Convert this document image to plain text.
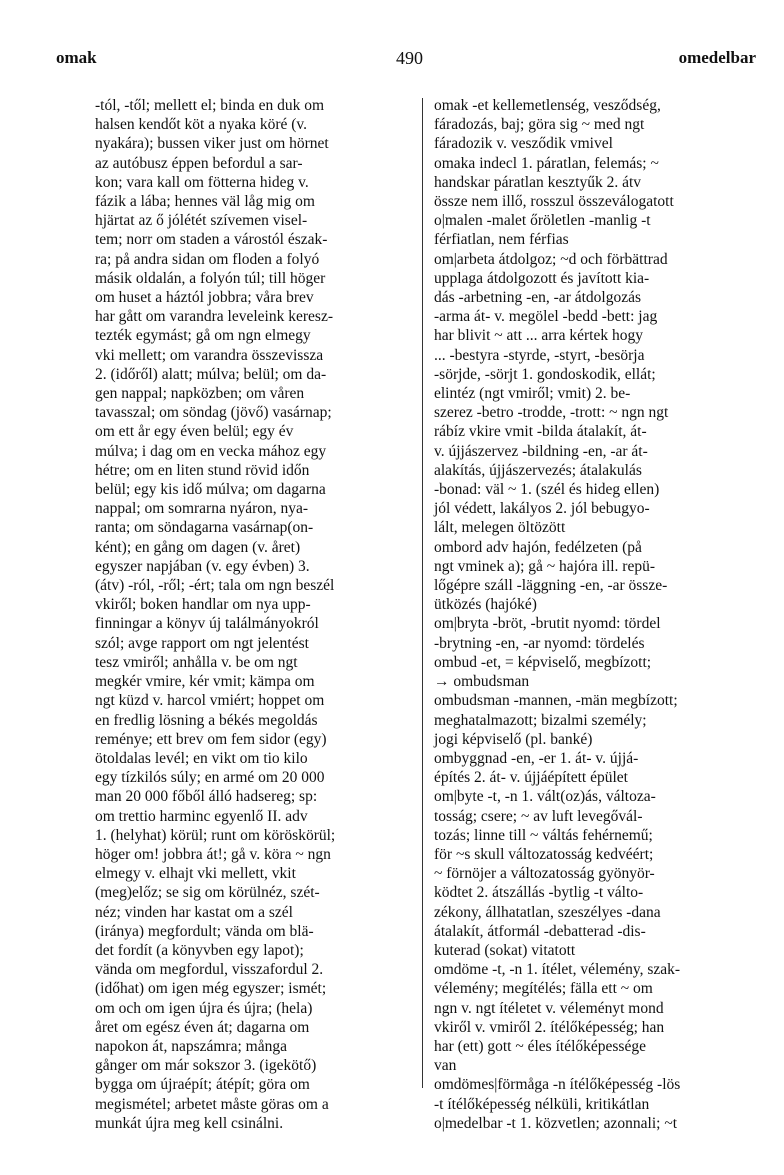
omak	490	omedelbar
-tól, -től; mellett el; binda en duk om
halsen kendőt köt a nyaka köré (v.
nyakára); bussen viker just om hörnet
az autóbusz éppen befordul a sar-
kon; vara kall om fötterna hideg v.
fázik a lába; hennes väl låg mig om
hjärtat az ő jólétét szívemen visel-
tem; norr om staden a várostól észak-
ra; på andra sidan om floden a folyó
másik oldalán, a folyón túl; till höger
om huset a háztól jobbra; våra brev
har gått om varandra leveleink keresz-
tezték egymást; gå om ngn elmegy
vki mellett; om varandra összevissza
2. (időről) alatt; múlva; belül; om da-
gen nappal; napközben; om våren
tavasszal; om söndag (jövő) vasárnap;
om ett år egy éven belül; egy év
múlva; i dag om en vecka mához egy
hétre; om en liten stund rövid időn
belül; egy kis idő múlva; om dagarna
nappal; om somrarna nyáron, nya-
ranta; om söndagarna vasárnap(on-
ként); en gång om dagen (v. året)
egyszer napjában (v. egy évben) 3.
(átv) -ról, -ről; -ért; tala om ngn beszél
vkiről; boken handlar om nya upp-
finningar a könyv új találmányokról
szól; avge rapport om ngt jelentést
tesz vmiről; anhålla v. be om ngt
megkér vmire, kér vmit; kämpa om
ngt küzd v. harcol vmiért; hoppet om
en fredlig lösning a békés megoldás
reménye; ett brev om fem sidor (egy)
ötoldalas levél; en vikt om tio kilo
egy tízkilós súly; en armé om 20 000
man 20 000 főből álló hadsereg; sp:
om trettio harminc egyenlő II. adv
1. (helyhat) körül; runt om köröskörül;
höger om! jobbra át!; gå v. köra ~ ngn
elmegy v. elhajt vki mellett, vkit
(meg)előz; se sig om körülnéz, szét-
néz; vinden har kastat om a szél
(iránya) megfordult; vända om blä-
det fordít (a könyvben egy lapot);
vända om megfordul, visszafordul 2.
(időhat) om igen még egyszer; ismét;
om och om igen újra és újra; (hela)
året om egész éven át; dagarna om
napokon át, napszámra; många
gånger om már sokszor 3. (igekötő)
bygga om újraépít; átépít; göra om
megismétel; arbetet måste göras om a
munkát újra meg kell csinálni.
omak -et kellemetlenség, vesződség,
fáradozás, baj; göra sig ~ med ngt
fáradozik v. vesződik vmivel
omaka indecl 1. páratlan, felemás; ~
handskar páratlan kesztyűk 2. átv
össze nem illő, rosszul összeválogatott
o|malen -malet őröletlen -manlig -t
férfiatlan, nem férfias
om|arbeta átdolgoz; ~d och förbättrad
upplaga átdolgozott és javított kia-
dás -arbetning -en, -ar átdolgozás
-arma át- v. megölel -bedd -bett: jag
har blivit ~ att ... arra kértek hogy
... -bestyra -styrde, -styrt, -besörja
-sörjde, -sörjt 1. gondoskodik, ellát;
elintéz (ngt vmiről; vmit) 2. be-
szerez -betro -trodde, -trott: ~ ngn ngt
rábíz vkire vmit -bilda átalakít, át-
v. újjászervez -bildning -en, -ar át-
alakítás, újjászervezés; átalakulás
-bonad: väl ~ 1. (szél és hideg ellen)
jól védett, lakályos 2. jól bebugyo-
lált, melegen öltözött
ombord adv hajón, fedélzeten (på
ngt vminek a); gå ~ hajóra ill. repü-
lőgépre száll -läggning -en, -ar össze-
ütközés (hajóké)
om|bryta -bröt, -brutit nyomd: tördel
-brytning -en, -ar nyomd: tördelés
ombud -et, = képviselő, megbízott;
→ ombudsman
ombudsman -mannen, -män megbízott;
meghatalmazott; bizalmi személy;
jogi képviselő (pl. banké)
ombyggnad -en, -er 1. át- v. újjá-
építés 2. át- v. újjáépített épület
om|byte -t, -n 1. vált(oz)ás, változa-
tosság; csere; ~ av luft levegővál-
tozás; linne till ~ váltás fehérnemű;
för ~s skull változatosság kedvéért;
~ förnöjer a változatosság gyönyör-
ködtet 2. átszállás -bytlig -t válto-
zékony, állhatatlan, szeszélyes -dana
átalakít, átformál -debatterad -dis-
kuterad (sokat) vitatott
omdöme -t, -n 1. ítélet, vélemény, szak-
vélemény; megítélés; fälla ett ~ om
ngn v. ngt ítéletet v. véleményt mond
vkiről v. vmiről 2. ítélőképesség; han
har (ett) gott ~ éles ítélőképessége
van
omdömes|förmåga -n ítélőképesség -lös
-t ítélőképesség nélküli, kritikátlan
o|medelbar -t 1. közvetlen; azonnali; ~t
